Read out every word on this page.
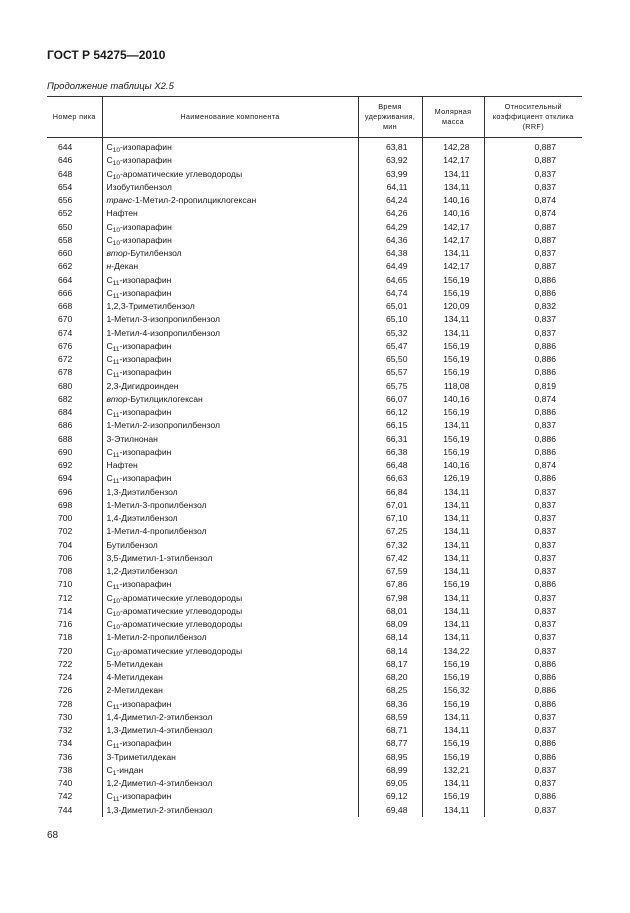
ГОСТ Р 54275—2010
Продолжение таблицы Х2.5
Номер пика	Наименование компонента	Время удерживания, мин	Молярная масса	Относительный коэффициент отклика (RRF)
644	$C_{10}$-изопарафин	63,81	142,28	0,887
646	$C_{10}$-изопарафин	63,92	142,17	0,887
648	$C_{10}$-ароматические углеводороды	63,99	134,11	0,837
654	Изобутилбензол	64,11	134,11	0,837
656	транс-1-Метил-2-пропилциклогексан	64,24	140,16	0,874
652	Нафтен	64,26	140,16	0,874
650	$C_{10}$-изопарафин	64,29	142,17	0,887
658	$C_{10}$-изопарафин	64,36	142,17	0,887
660	втор-Бутилбензол	64,38	134,11	0,837
662	н-Декан	64,49	142,17	0,887
664	$C_{11}$-изопарафин	64,65	156,19	0,886
666	$C_{11}$-изопарафин	64,74	156,19	0,886
668	1,2,3-Триметилбензол	65,01	120,09	0,832
670	1-Метил-3-изопропилбензол	65,10	134,11	0,837
674	1-Метил-4-изопропилбензол	65,32	134,11	0,837
676	$C_{11}$-изопарафин	65,47	156,19	0,886
672	$C_{11}$-изопарафин	65,50	156,19	0,886
678	$C_{11}$-изопарафин	65,57	156,19	0,886
680	2,3-Дигидроинден	65,75	118,08	0,819
682	втор-Бутилциклогексан	66,07	140,16	0,874
684	$C_{11}$-изопарафин	66,12	156,19	0,886
686	1-Метил-2-изопропилбензол	66,15	134,11	0,837
688	3-Этилнонан	66,31	156,19	0,886
690	$C_{11}$-изопарафин	66,38	156,19	0,886
692	Нафтен	66,48	140,16	0,874
694	$C_{11}$-изопарафин	66,63	126,19	0,886
696	1,3-Диэтилбензол	66,84	134,11	0,837
698	1-Метил-3-пропилбензол	67,01	134,11	0,837
700	1,4-Диэтилбензол	67,10	134,11	0,837
702	1-Метил-4-пропилбензол	67,25	134,11	0,837
704	Бутилбензол	67,32	134,11	0,837
706	3,5-Диметил-1-этилбензол	67,42	134,11	0,837
708	1,2-Диэтилбензол	67,59	134,11	0,837
710	$C_{11}$-изопарафин	67,86	156,19	0,886
712	$C_{10}$-ароматические углеводороды	67,98	134,11	0,837
714	$C_{10}$-ароматические углеводороды	68,01	134,11	0,837
716	$C_{10}$-ароматические углеводороды	68,09	134,11	0,837
718	1-Метил-2-пропилбензол	68,14	134,11	0,837
720	$C_{10}$-ароматические углеводороды	68,14	134,22	0,837
722	5-Метилдекан	68,17	156,19	0,886
724	4-Метилдекан	68,20	156,19	0,886
726	2-Метилдекан	68,25	156,32	0,886
728	$C_{11}$-изопарафин	68,36	156,19	0,886
730	1,4-Диметил-2-этилбензол	68,59	134,11	0,837
732	1,3-Диметил-4-этилбензол	68,71	134,11	0,837
734	$C_{11}$-изопарафин	68,77	156,19	0,886
736	3-Триметилдекан	68,95	156,19	0,886
738	$C_1$-индан	68,99	132,21	0,837
740	1,2-Диметил-4-этилбензол	69,05	134,11	0,837
742	$C_{11}$-изопарафин	69,12	156,19	0,886
744	1,3-Диметил-2-этилбензол	69,48	134,11	0,837
68
